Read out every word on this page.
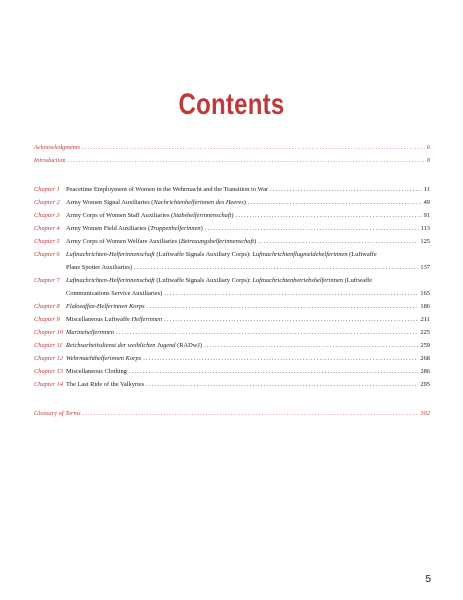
Contents
Acknowledgments .....	6
Introduction .....	8
Chapter 1 Peacetime Employment of Women in the Wehrmacht and the Transition to War .....	11
Chapter 2 Army Women Signal Auxiliaries (Nachrichtenhelferinnen des Heeres) .....	49
Chapter 3 Army Corps of Women Staff Auxiliaries (Stabshelferinnenschaft) .....	91
Chapter 4 Army Women Field Auxiliaries (Truppenhelferinnen) .....	113
Chapter 5 Army Corps of Women Welfare Auxiliaries (Betreuungshelferinnenschaft) .....	125
Chapter 6 Luftnachrichten-Helferinnenschaft (Luftwaffe Signals Auxiliary Corps): Luftnachrichtenflugmeldehelferinnen (Luftwaffe
Plane Spotter Auxiliaries) .....	137
Chapter 7 Luftnachrichten-Helferinnenschaft (Luftwaffe Signals Auxiliary Corps): Luftnachrichtenbetriebshelferinnen (Luftwaffe
Communications Service Auxiliaries) .....	165
Chapter 8 Flakwaffen-Helferinnen Korps .....	186
Chapter 9 Miscellaneous Luftwaffe Helferinnen .....	211
Chapter 10 Marinehelferinnen .....	225
Chapter 11 Reichsarbeitsdienst der weiblichen Jugend (RADwJ) .....	259
Chapter 12 Wehrmachthelferinnen Korps .....	268
Chapter 13 Miscellaneous Clothing .....	286
Chapter 14 The Last Ride of the Valkyries .....	295
Glossary of Terms .....	302
5
